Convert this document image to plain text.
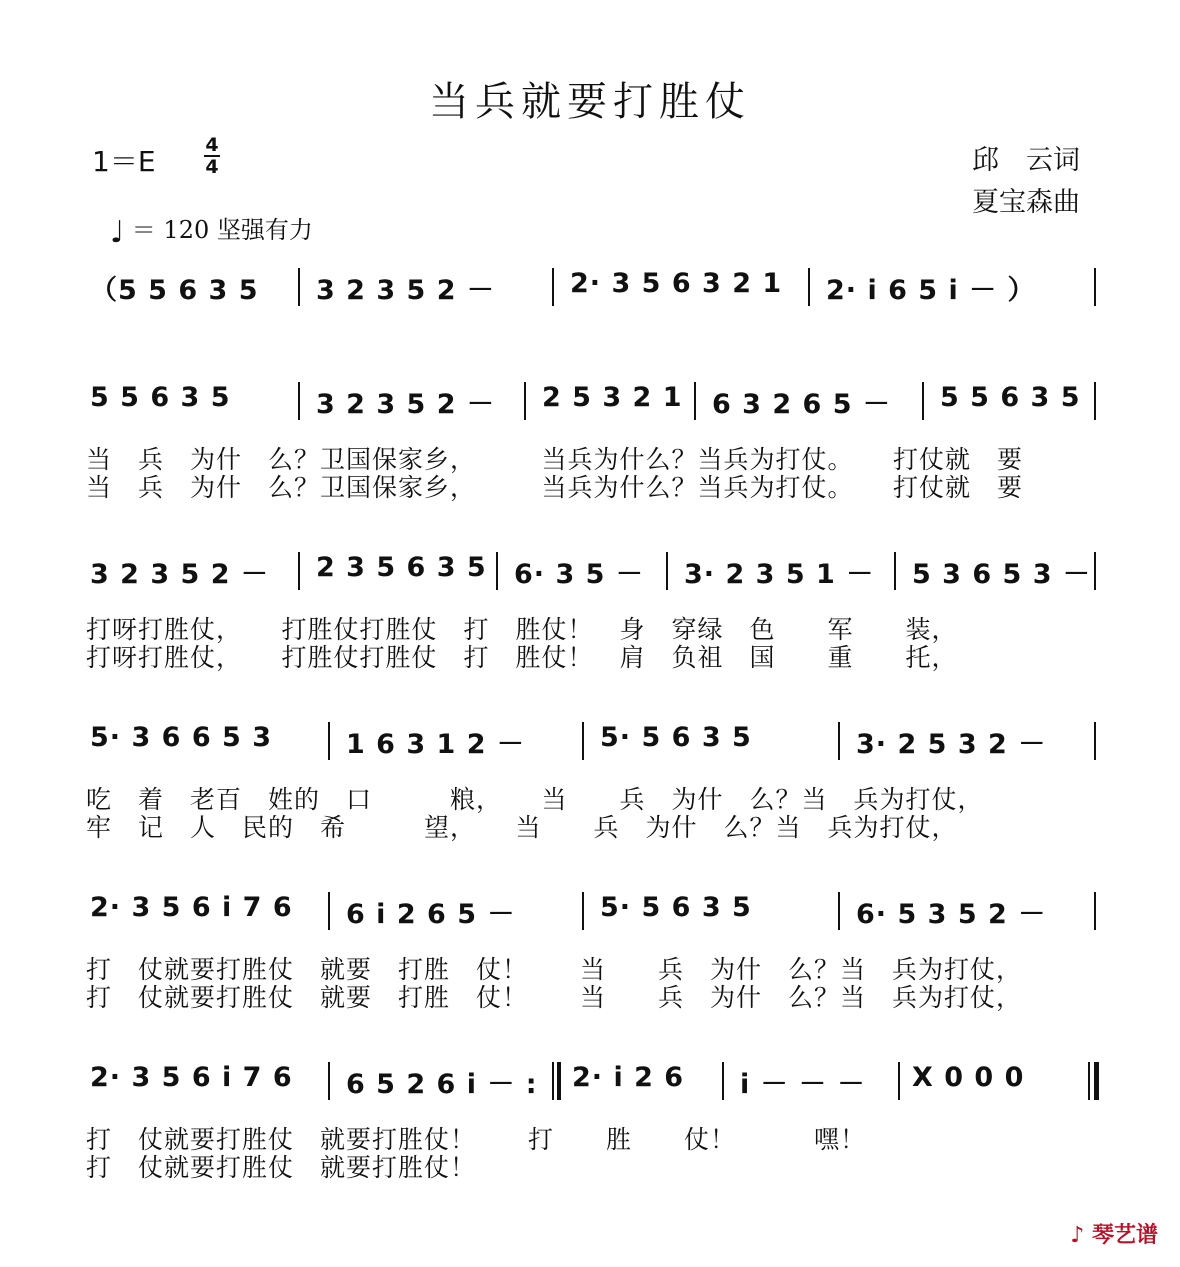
当兵就要打胜仗
1＝E	4
4	邱　云词
夏宝森曲
♩ ＝ 120 坚强有力
（5 5 6 3 5 3 2 3 5 2 －	2· 3 5 6 3 2 1 2· i 6 5 i － ）
5 5 6 3 5	3 2 3 5 2 － 2 5 3 2 1 6 3 2 6 5 － 5 5 6 3 5
当　兵　为什　么？卫国保家乡，　　　当兵为什么？当兵为打仗。　　打仗就　要
当　兵　为什　么？卫国保家乡，　　　当兵为什么？当兵为打仗。　　打仗就　要
3 2 3 5 2 － 2 3 5 6 3 5 6· 3 5 － 3· 2 3 5 1 － 5 3 6 5 3 －
打呀打胜仗，　　打胜仗打胜仗　打　胜仗！　身　穿绿　色　　军　　装，
打呀打胜仗，　　打胜仗打胜仗　打　胜仗！　肩　负祖　国　　重　　托，
5· 3 6 6 5 3	1 6 3 1 2 －	5· 5 6 3 5	3· 2 5 3 2 －
吃　着　老百　姓的　口　　　粮，　　当　　兵　为什　么？当　兵为打仗，
牢　记　人　民的　希　　　望，　　当　　兵　为什　么？当　兵为打仗，
2· 3 5 6 i 7 6 6 i 2 6 5 －	5· 5 6 3 5	6· 5 3 5 2 －
打　仗就要打胜仗　就要　打胜　仗！　　当　　兵　为什　么？当　兵为打仗，
打　仗就要打胜仗　就要　打胜　仗！　　当　　兵　为什　么？当　兵为打仗，
2· 3 5 6 i 7 6 6 5 2 6 i － : 2· i 2 6 i － － － X 0 0 0
打　仗就要打胜仗　就要打胜仗！　　打　　胜　　仗！　　　嘿！
打　仗就要打胜仗　就要打胜仗！
♪ 琴艺谱
